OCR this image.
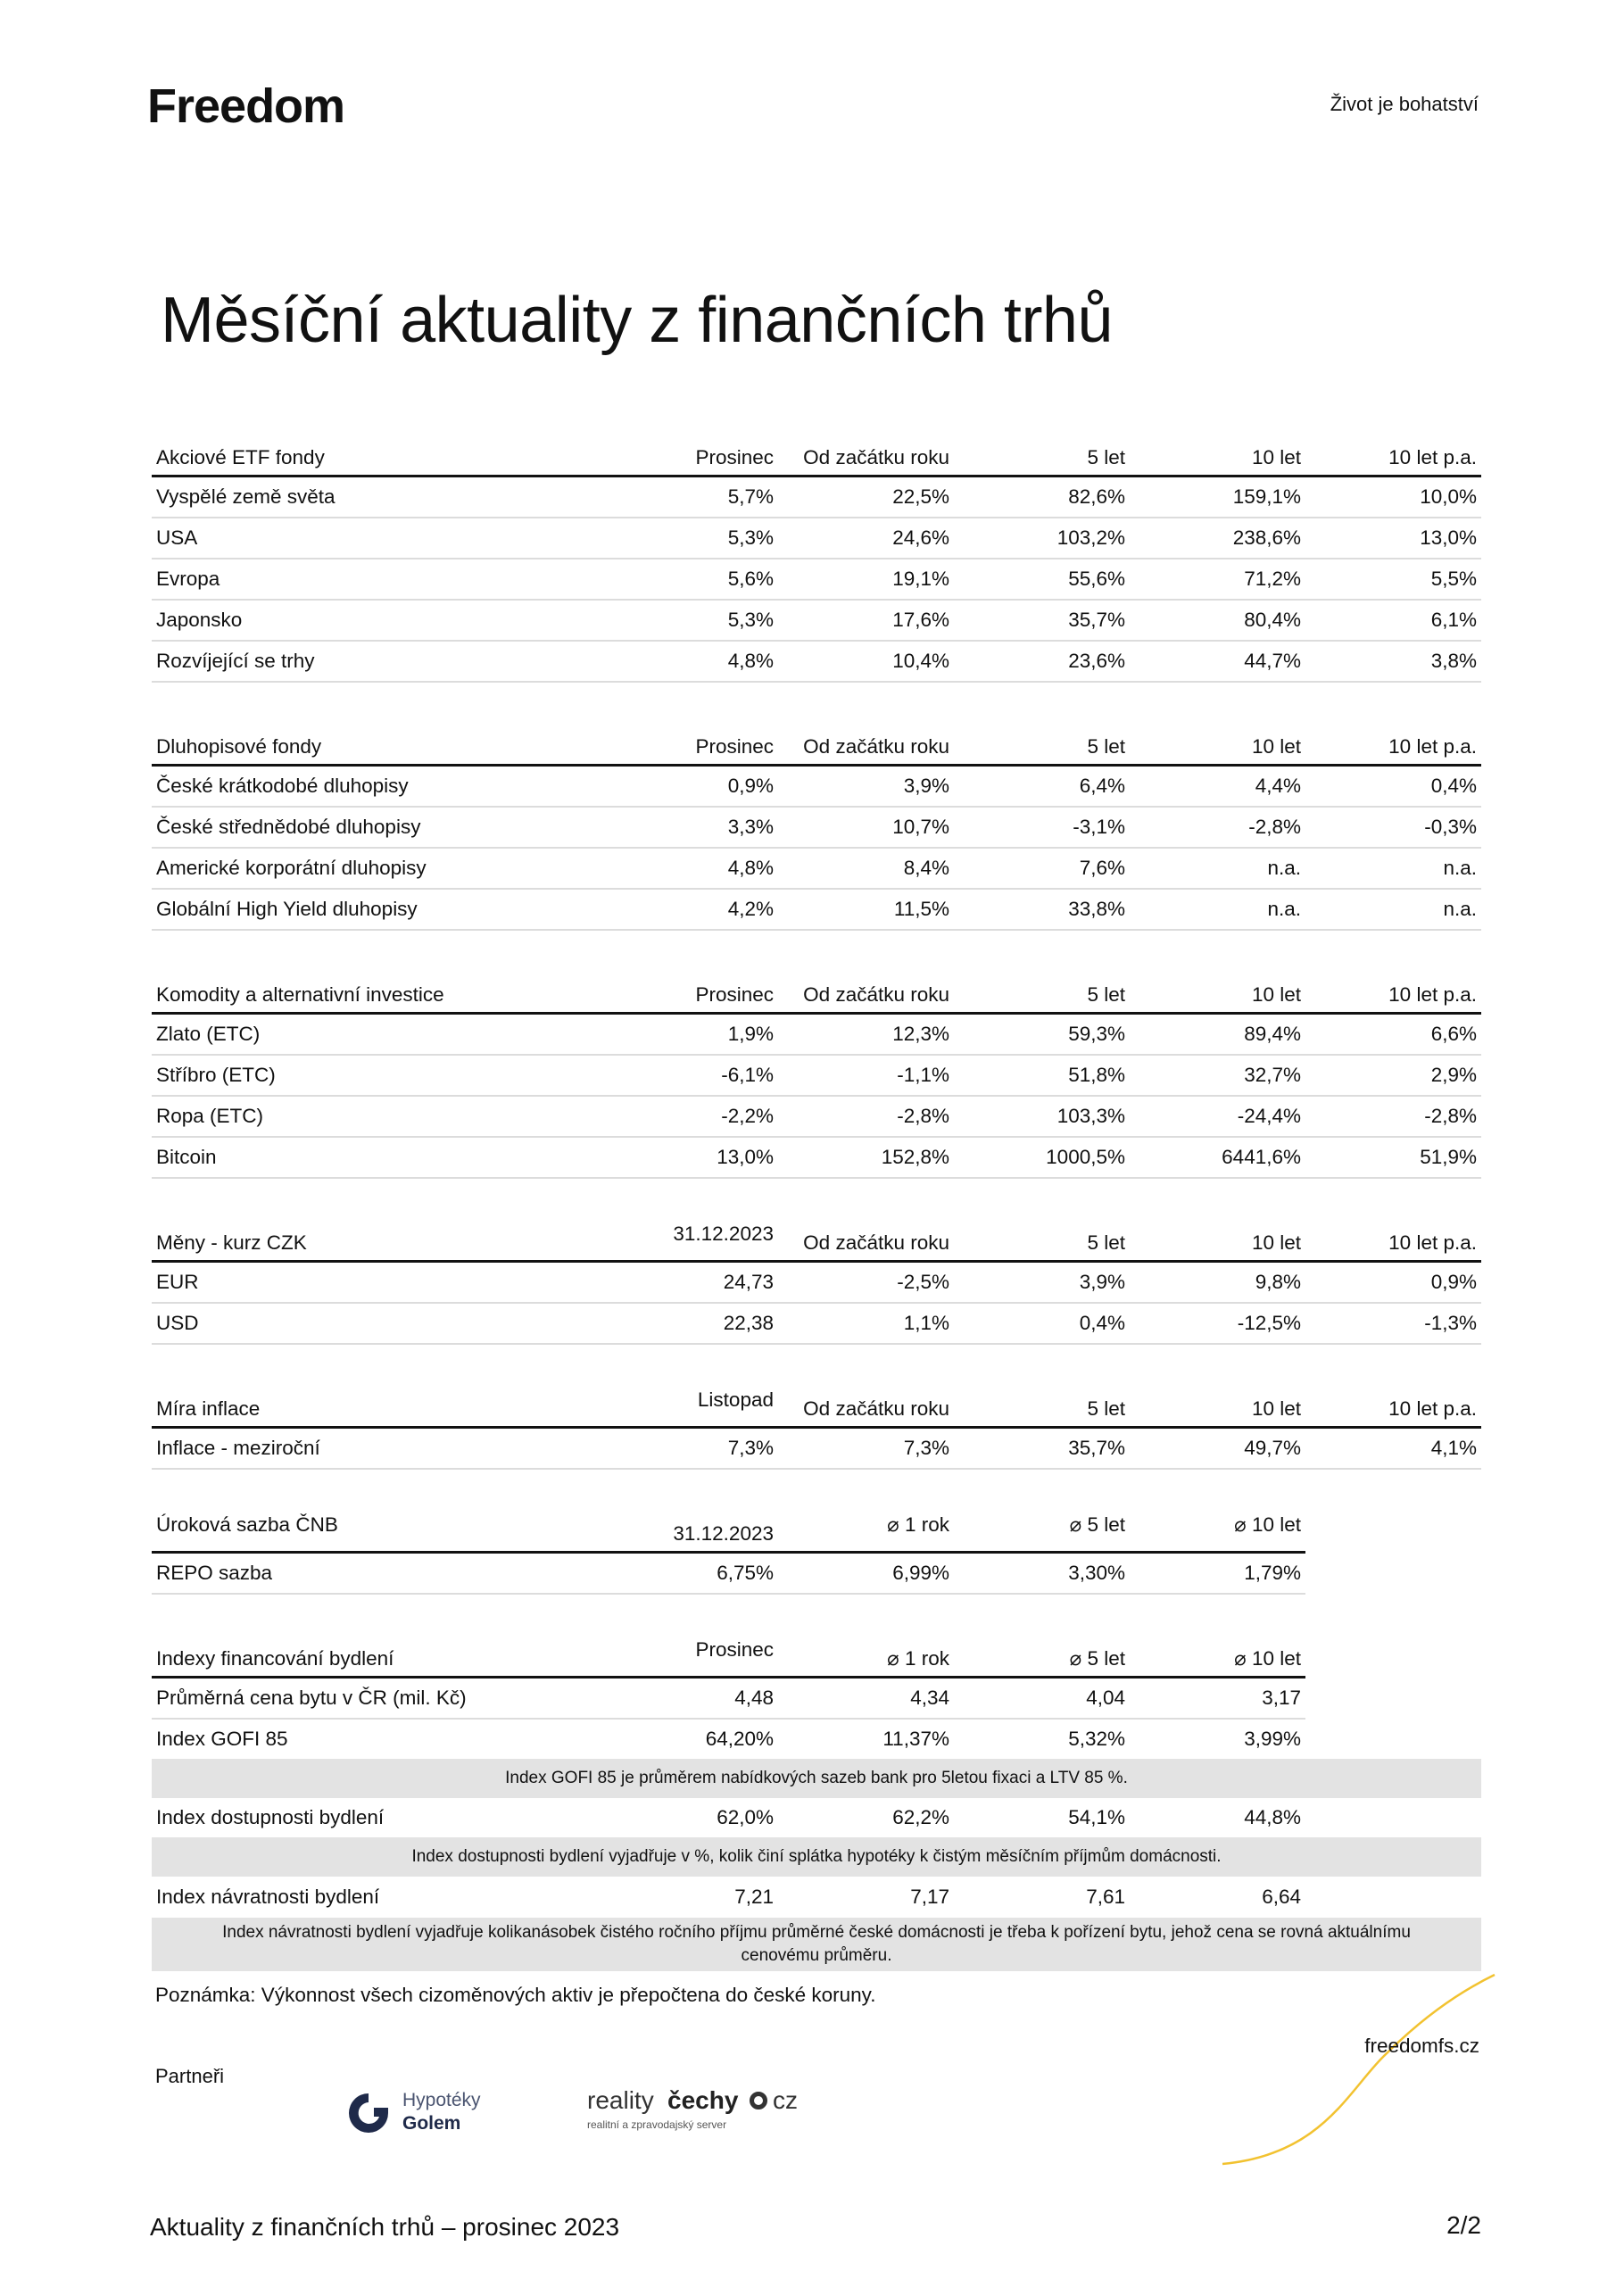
Freedom	Život je bohatství
Měsíční aktuality z finančních trhů
Akciové ETF fondy	Prosinec	Od začátku roku	5 let	10 let	10 let p.a.
Vyspělé země světa	5,7%	22,5%	82,6%	159,1%	10,0%
USA	5,3%	24,6%	103,2%	238,6%	13,0%
Evropa	5,6%	19,1%	55,6%	71,2%	5,5%
Japonsko	5,3%	17,6%	35,7%	80,4%	6,1%
Rozvíjející se trhy	4,8%	10,4%	23,6%	44,7%	3,8%
Dluhopisové fondy	Prosinec	Od začátku roku	5 let	10 let	10 let p.a.
České krátkodobé dluhopisy	0,9%	3,9%	6,4%	4,4%	0,4%
České střednědobé dluhopisy	3,3%	10,7%	-3,1%	-2,8%	-0,3%
Americké korporátní dluhopisy	4,8%	8,4%	7,6%	n.a.	n.a.
Globální High Yield dluhopisy	4,2%	11,5%	33,8%	n.a.	n.a.
Komodity a alternativní investice	Prosinec	Od začátku roku	5 let	10 let	10 let p.a.
Zlato (ETC)	1,9%	12,3%	59,3%	89,4%	6,6%
Stříbro (ETC)	-6,1%	-1,1%	51,8%	32,7%	2,9%
Ropa (ETC)	-2,2%	-2,8%	103,3%	-24,4%	-2,8%
Bitcoin	13,0%	152,8%	1000,5%	6441,6%	51,9%
Měny - kurz CZK	31.12.2023	Od začátku roku	5 let	10 let	10 let p.a.
EUR	24,73	-2,5%	3,9%	9,8%	0,9%
USD	22,38	1,1%	0,4%	-12,5%	-1,3%
Míra inflace	Listopad	Od začátku roku	5 let	10 let	10 let p.a.
Inflace - meziroční	7,3%	7,3%	35,7%	49,7%	4,1%
Úroková sazba ČNB	31.12.2023	⌀ 1 rok	⌀ 5 let	⌀ 10 let	
REPO sazba	6,75%	6,99%	3,30%	1,79%	
Indexy financování bydlení	Prosinec	⌀ 1 rok	⌀ 5 let	⌀ 10 let	
Průměrná cena bytu v ČR (mil. Kč)	4,48	4,34	4,04	3,17	
Index GOFI 85	64,20%	11,37%	5,32%	3,99%	
Index GOFI 85 je průměrem nabídkových sazeb bank pro 5letou fixaci a LTV 85 %.					
Index dostupnosti bydlení	62,0%	62,2%	54,1%	44,8%	
Index dostupnosti bydlení vyjadřuje v %, kolik činí splátka hypotéky k čistým měsíčním příjmům domácnosti.					
Index návratnosti bydlení	7,21	7,17	7,61	6,64	
Index návratnosti bydlení vyjadřuje kolikanásobek čistého ročního příjmu průměrné české domácnosti je třeba k pořízení bytu, jehož cena se rovná aktuálnímu cenovému průměru.					
Poznámka: Výkonnost všech cizoměnových aktiv je přepočtena do české koruny.
freedomfs.cz
Partneři
Hypotéky
Golem
reality čechy cz
realitní a zpravodajský server
Aktuality z finančních trhů – prosinec 2023	2/2
